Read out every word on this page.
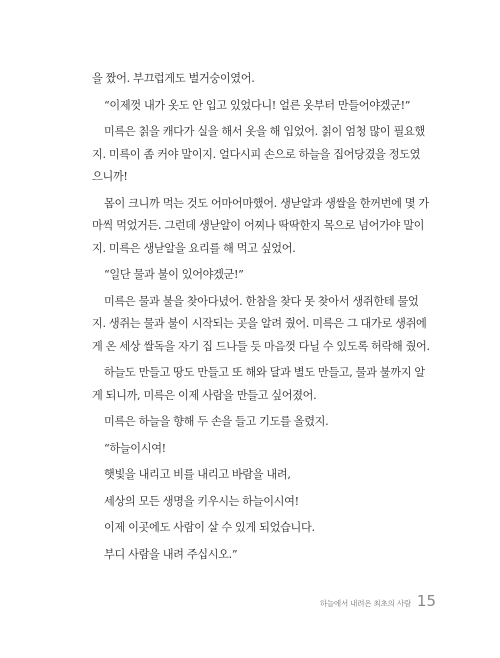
을 짰어. 부끄럽게도 벌거숭이였어.
“이제껏 내가 옷도 안 입고 있었다니! 얼른 옷부터 만들어야겠군!”
미륵은 칡을 캐다가 실을 해서 옷을 해 입었어. 칡이 엄청 많이 필요했
지. 미륵이 좀 커야 말이지. 얼다시피 손으로 하늘을 집어당겼을 정도였
으니까!
몸이 크니까 먹는 것도 어마어마했어. 생낟알과 생쌀을 한꺼번에 몇 가
마씩 먹었거든. 그런데 생낟알이 어찌나 딱딱한지 목으로 넘어가야 말이
지. 미륵은 생낟알을 요리를 해 먹고 싶었어.
“일단 물과 불이 있어야겠군!”
미륵은 물과 불을 찾아다녔어. 한참을 찾다 못 찾아서 생쥐한테 물었
지. 생쥐는 물과 불이 시작되는 곳을 알려 줬어. 미륵은 그 대가로 생쥐에
게 온 세상 쌀독을 자기 집 드나들 듯 마음껏 다닐 수 있도록 허락해 줬어.
하늘도 만들고 땅도 만들고 또 해와 달과 별도 만들고, 물과 불까지 알
게 되니까, 미륵은 이제 사람을 만들고 싶어졌어.
미륵은 하늘을 향해 두 손을 들고 기도를 올렸지.
“하늘이시여!
햇빛을 내리고 비를 내리고 바람을 내려,
세상의 모든 생명을 키우시는 하늘이시여!
이제 이곳에도 사람이 살 수 있게 되었습니다.
부디 사람을 내려 주십시오.”
하늘에서 내려온 최초의 사람 15
